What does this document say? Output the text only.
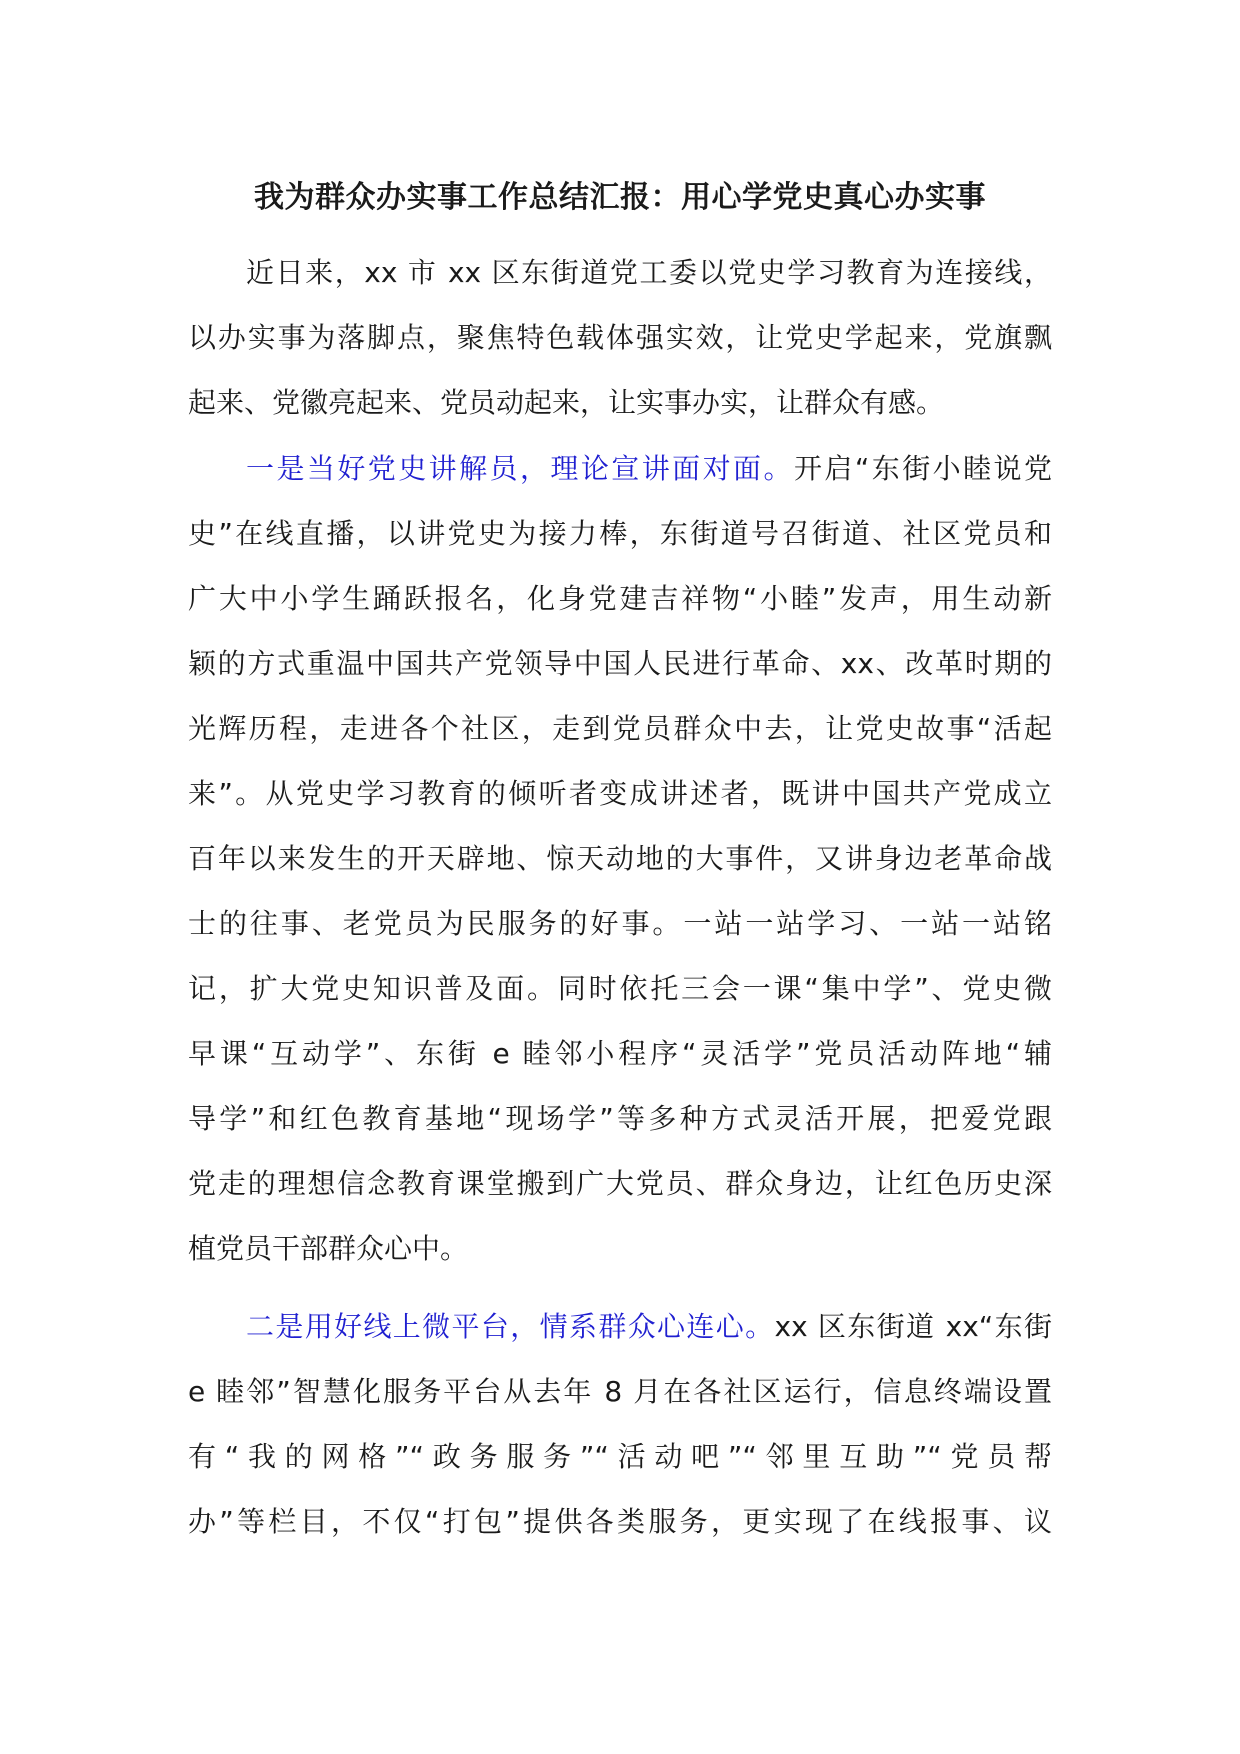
我为群众办实事工作总结汇报：用心学党史真心办实事
近日来，xx 市 xx 区东街道党工委以党史学习教育为连接线，
以办实事为落脚点，聚焦特色载体强实效，让党史学起来，党旗飘
起来、党徽亮起来、党员动起来，让实事办实，让群众有感。
一是当好党史讲解员，理论宣讲面对面。开启“东街小睦说党
史”在线直播，以讲党史为接力棒，东街道号召街道、社区党员和
广大中小学生踊跃报名，化身党建吉祥物“小睦”发声，用生动新
颖的方式重温中国共产党领导中国人民进行革命、xx、改革时期的
光辉历程，走进各个社区，走到党员群众中去，让党史故事“活起
来”。从党史学习教育的倾听者变成讲述者，既讲中国共产党成立
百年以来发生的开天辟地、惊天动地的大事件，又讲身边老革命战
士的往事、老党员为民服务的好事。一站一站学习、一站一站铭
记，扩大党史知识普及面。同时依托三会一课“集中学”、党史微
早课“互动学”、东街 e 睦邻小程序“灵活学”党员活动阵地“辅
导学”和红色教育基地“现场学”等多种方式灵活开展，把爱党跟
党走的理想信念教育课堂搬到广大党员、群众身边，让红色历史深
植党员干部群众心中。
二是用好线上微平台，情系群众心连心。xx 区东街道 xx“东街
e 睦邻”智慧化服务平台从去年 8 月在各社区运行，信息终端设置
有“我的网格”“政务服务”“活动吧”“邻里互助”“党员帮
办”等栏目，不仅“打包”提供各类服务，更实现了在线报事、议
